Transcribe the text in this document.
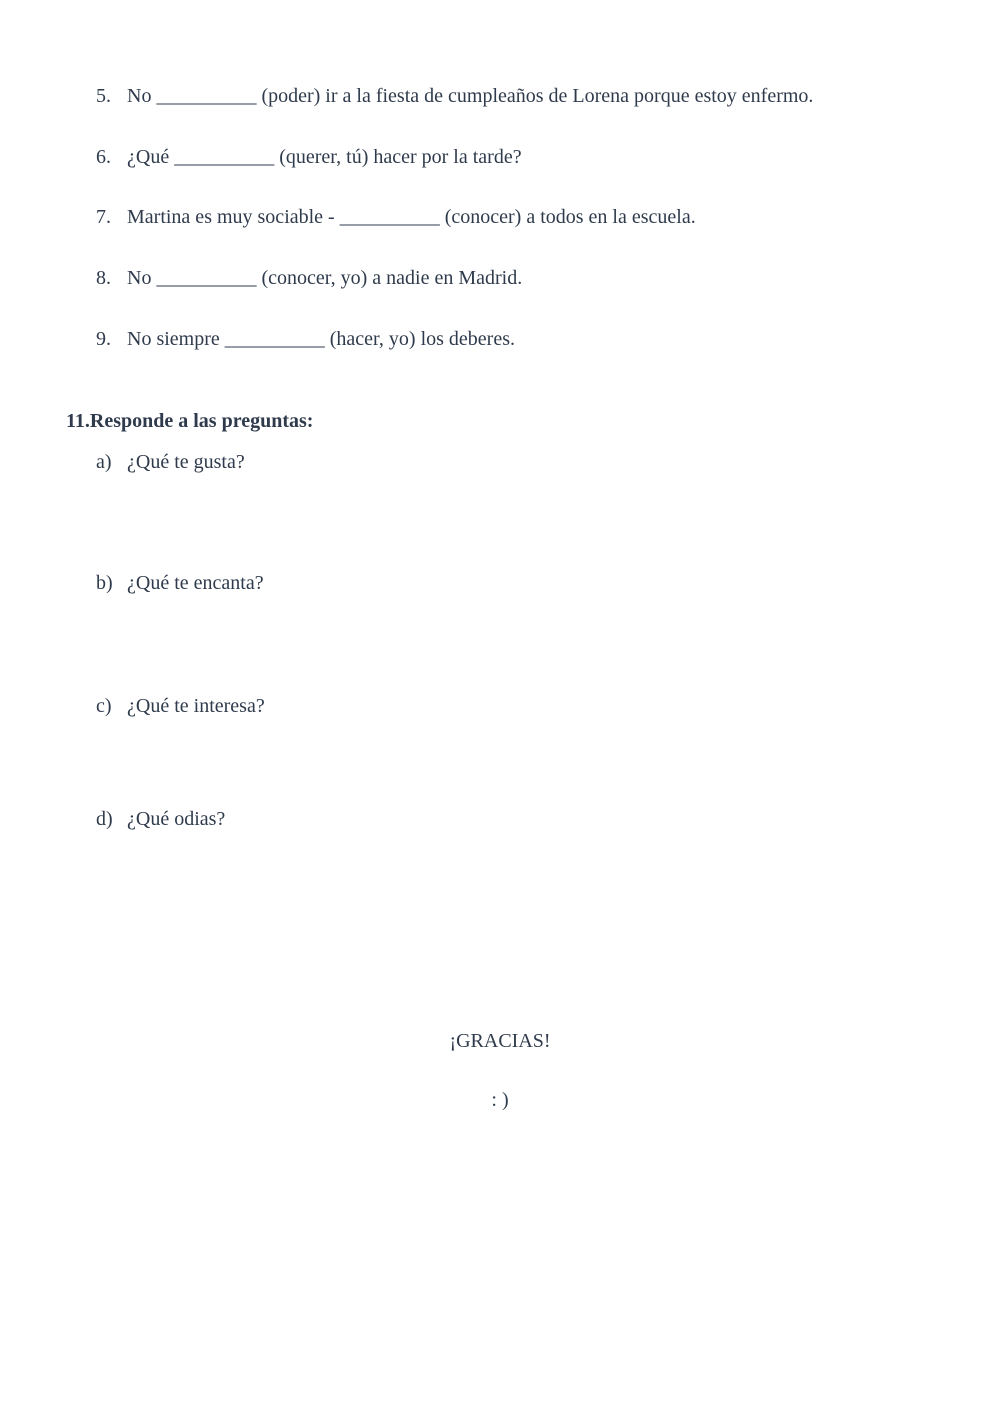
5. No __________ (poder) ir a la fiesta de cumpleaños de Lorena porque estoy enfermo.
6. ¿Qué __________ (querer, tú) hacer por la tarde?
7. Martina es muy sociable - __________ (conocer) a todos en la escuela.
8. No __________ (conocer, yo) a nadie en Madrid.
9. No siempre __________ (hacer, yo) los deberes.
11.Responde a las preguntas:
a) ¿Qué te gusta?
b) ¿Qué te encanta?
c) ¿Qué te interesa?
d) ¿Qué odias?
¡GRACIAS!
: )
